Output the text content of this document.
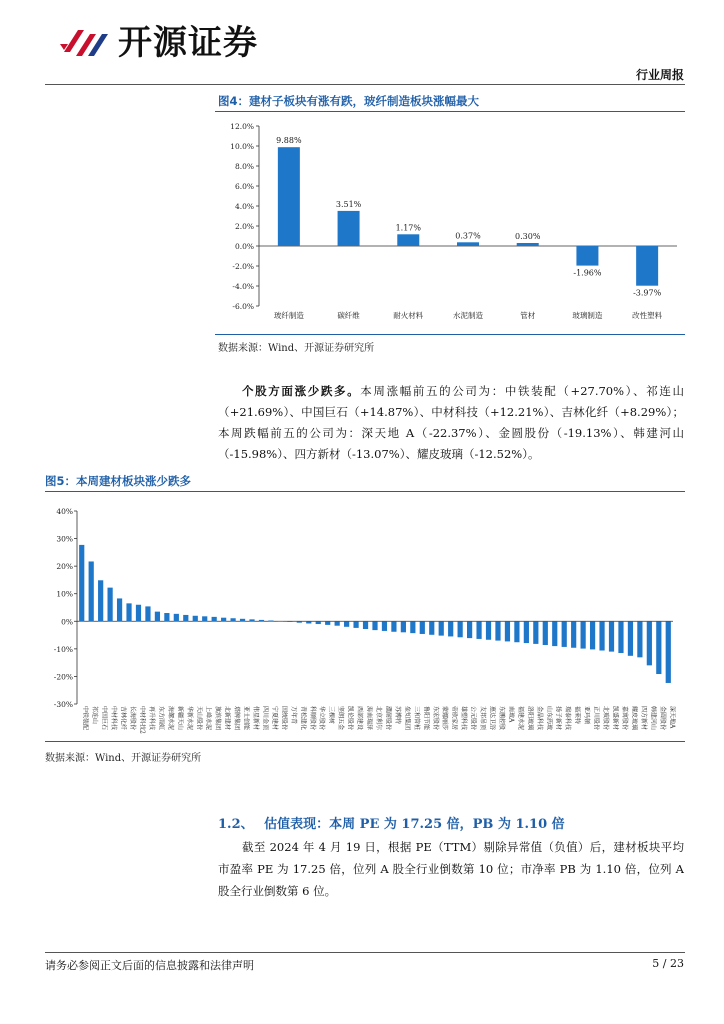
开源证券
行业周报
图4：建材子板块有涨有跌，玻纤制造板块涨幅最大
12.0%
10.0%
8.0%
6.0%
4.0%
2.0%
0.0%
-2.0%
-4.0%
-6.0%
9.88%
玻纤制造
3.51%
碳纤维
1.17%
耐火材料
0.37%
水泥制造
0.30%
管材
-1.96%
玻璃制造
-3.97%
改性塑料
数据来源：Wind、开源证券研究所
个股方面涨少跌多。本周涨幅前五的公司为：中铁装配（+27.70%）、祁连山（+21.69%）、中国巨石（+14.87%）、中材科技（+12.21%）、吉林化纤（+8.29%）；本周跌幅前五的公司为：深天地 A（-22.37%）、金圆股份（-19.13%）、韩建河山（-15.98%）、四方新材（-13.07%）、耀皮玻璃（-12.52%）。
图5：本周建材板块涨少跌多
40%
30%
20%
10%
0%
-10%
-20%
-30%
中铁装配 祁连山 中国巨石 中材科技 吉林化纤 长海股份 中材科技2 再升科技 东方雨虹 海螺水泥 新疆天山 华新水泥 天山股份 上峰水泥 旗滨集团 北新建材 塔牌集团 亚士创能 伟星新材 四川金顶 宁夏建材 国统股份 万年青 青松建化 科顺股份 华立股份 三棵树 坚朗五金 凯伦股份 西部建设 海南瑞泽 北京利尔 濮耐股份 苏博特 垒知集团 三和管桩 鲁阳节能 东宏股份 蒙娜丽莎 帝欧家居 雄塑科技 公元股份 友邦吊顶 惠达卫浴 东鹏控股 南玻A 福建水泥 洛阳玻璃 金晶科技 山东药玻 扬子新材 瑞泰科技 福莱特 亚玛顿 正川股份 北玻股份 凯盛新材 嘉寓股份 耀皮玻璃 四方新材 韩建河山 金圆股份 深天地A
数据来源：Wind、开源证券研究所
1.2、 估值表现：本周 PE 为 17.25 倍，PB 为 1.10 倍
截至 2024 年 4 月 19 日，根据 PE（TTM）剔除异常值（负值）后，建材板块平均市盈率 PE 为 17.25 倍，位列 A 股全行业倒数第 10 位；市净率 PB 为 1.10 倍，位列 A 股全行业倒数第 6 位。
请务必参阅正文后面的信息披露和法律声明	5 / 23
